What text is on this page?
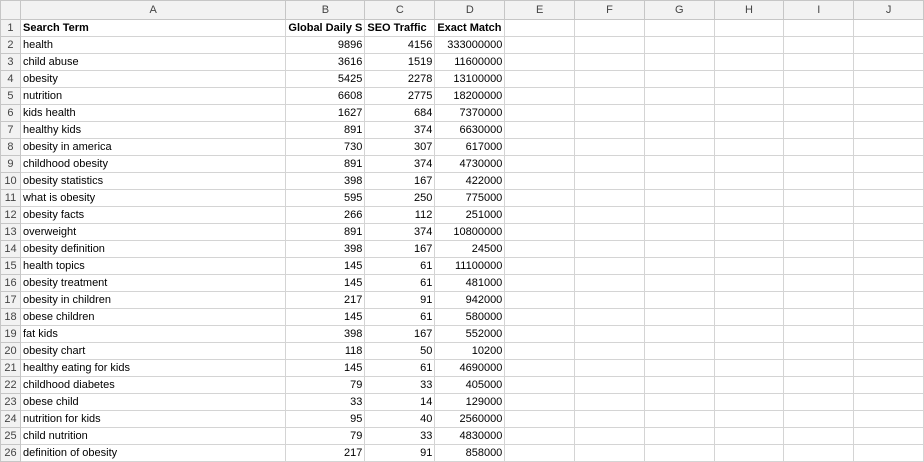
	A	B	C	D	E	F	G	H	I	J
1	Search Term	Global Daily S	SEO Traffic	Exact Match						
2	health	9896	4156	333000000						
3	child abuse	3616	1519	11600000						
4	obesity	5425	2278	13100000						
5	nutrition	6608	2775	18200000						
6	kids health	1627	684	7370000						
7	healthy kids	891	374	6630000						
8	obesity in america	730	307	617000						
9	childhood obesity	891	374	4730000						
10	obesity statistics	398	167	422000						
11	what is obesity	595	250	775000						
12	obesity facts	266	112	251000						
13	overweight	891	374	10800000						
14	obesity definition	398	167	24500						
15	health topics	145	61	11100000						
16	obesity treatment	145	61	481000						
17	obesity in children	217	91	942000						
18	obese children	145	61	580000						
19	fat kids	398	167	552000						
20	obesity chart	118	50	10200						
21	healthy eating for kids	145	61	4690000						
22	childhood diabetes	79	33	405000						
23	obese child	33	14	129000						
24	nutrition for kids	95	40	2560000						
25	child nutrition	79	33	4830000						
26	definition of obesity	217	91	858000						
